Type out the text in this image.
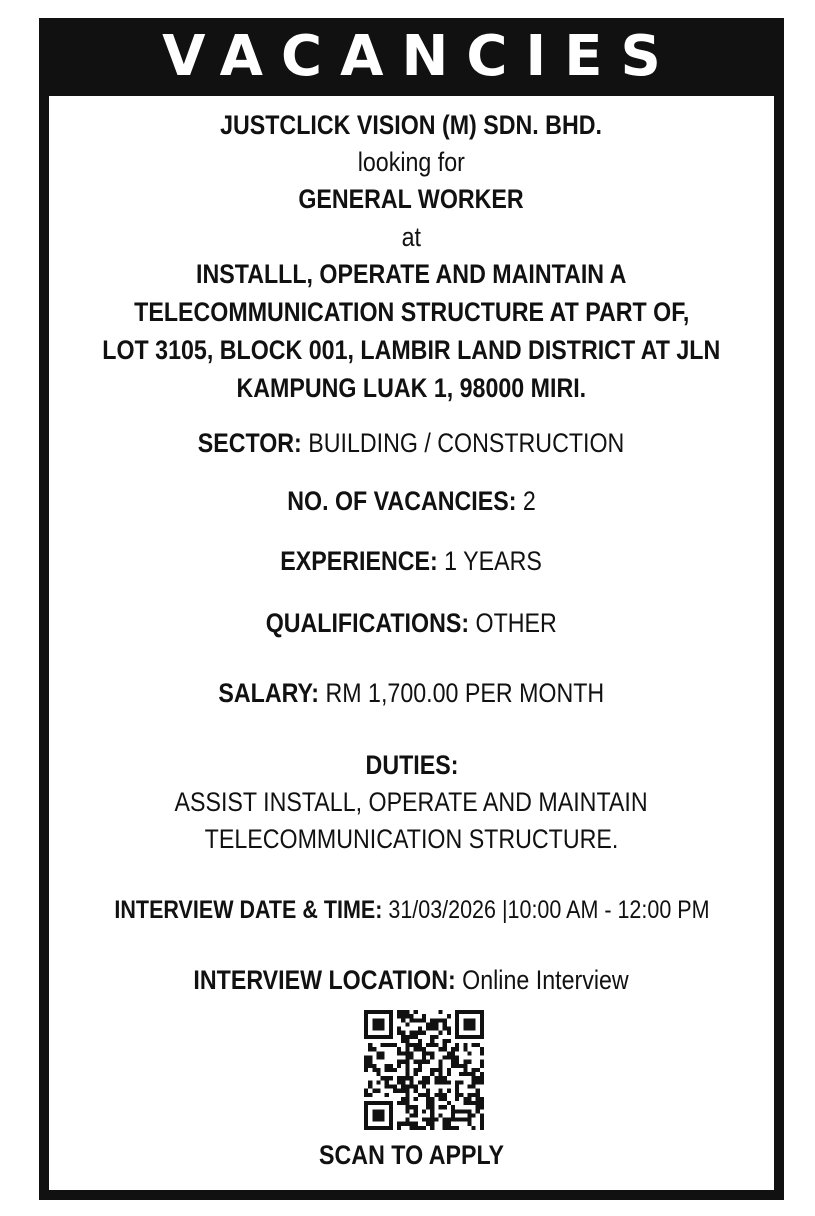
VACANCIES
JUSTCLICK VISION (M) SDN. BHD.
looking for
GENERAL WORKER
at
INSTALLL, OPERATE AND MAINTAIN A
TELECOMMUNICATION STRUCTURE AT PART OF,
LOT 3105, BLOCK 001, LAMBIR LAND DISTRICT AT JLN
KAMPUNG LUAK 1, 98000 MIRI.
SECTOR: BUILDING / CONSTRUCTION
NO. OF VACANCIES: 2
EXPERIENCE: 1 YEARS
QUALIFICATIONS: OTHER
SALARY: RM 1,700.00 PER MONTH
DUTIES:
ASSIST INSTALL, OPERATE AND MAINTAIN
TELECOMMUNICATION STRUCTURE.
INTERVIEW DATE & TIME: 31/03/2026 |10:00 AM - 12:00 PM
INTERVIEW LOCATION: Online Interview
SCAN TO APPLY
